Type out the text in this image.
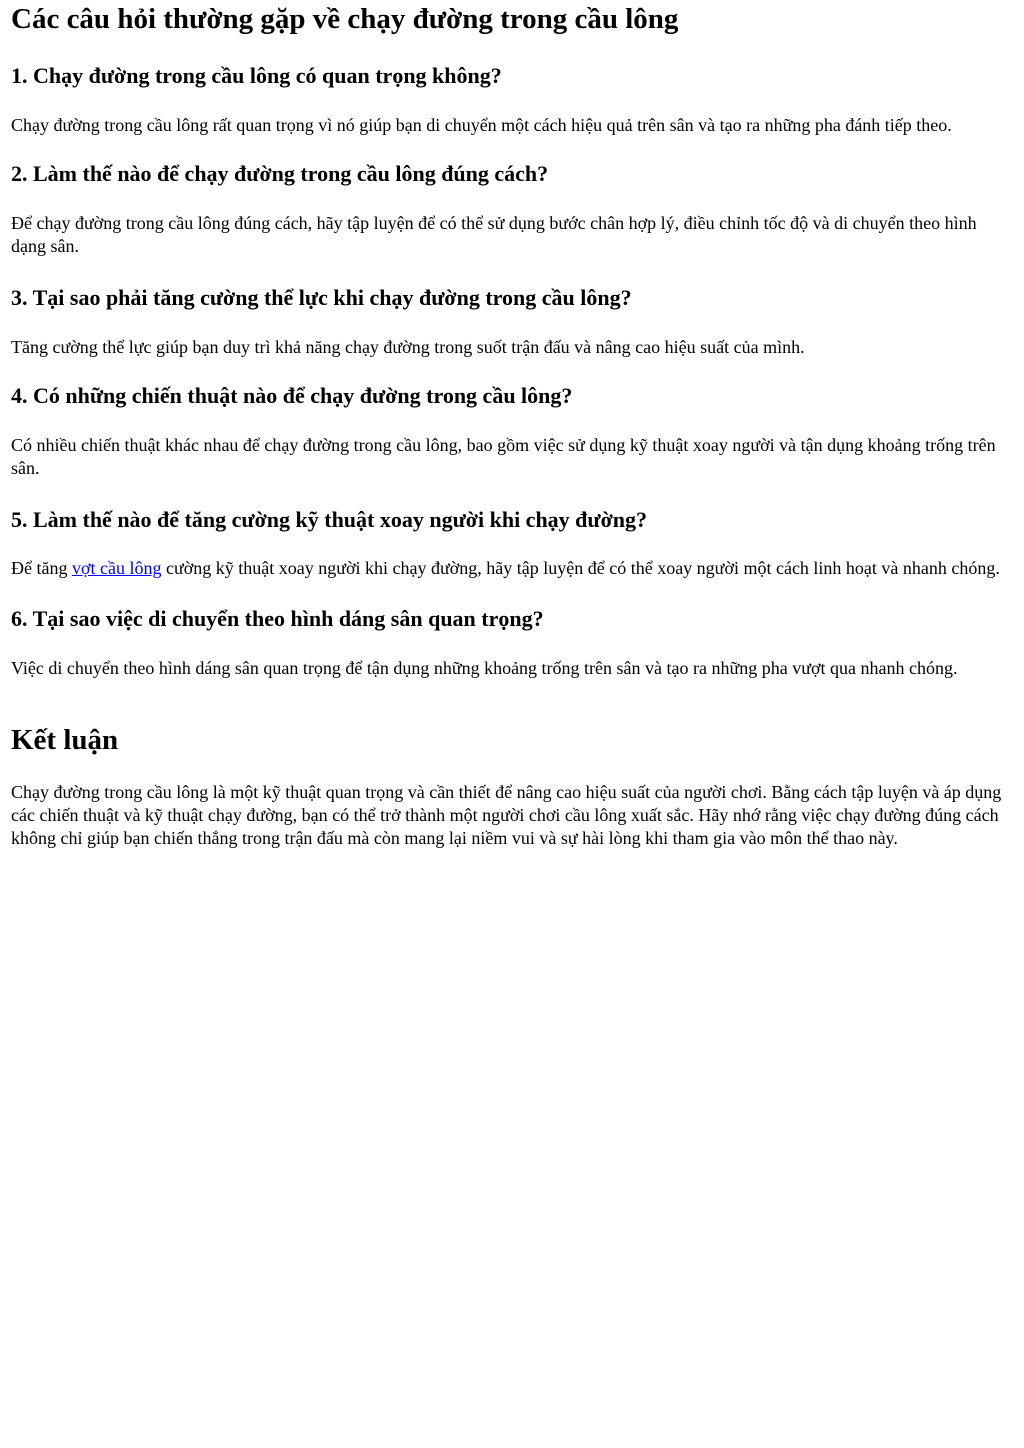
Các câu hỏi thường gặp về chạy đường trong cầu lông
1. Chạy đường trong cầu lông có quan trọng không?

Chạy đường trong cầu lông rất quan trọng vì nó giúp bạn di chuyển một cách hiệu quả trên sân và tạo ra những pha đánh tiếp theo.

2. Làm thế nào để chạy đường trong cầu lông đúng cách?

Để chạy đường trong cầu lông đúng cách, hãy tập luyện để có thể sử dụng bước chân hợp lý, điều chỉnh tốc độ và di chuyển theo hình dạng sân.

3. Tại sao phải tăng cường thể lực khi chạy đường trong cầu lông?

Tăng cường thể lực giúp bạn duy trì khả năng chạy đường trong suốt trận đấu và nâng cao hiệu suất của mình.

4. Có những chiến thuật nào để chạy đường trong cầu lông?

Có nhiều chiến thuật khác nhau để chạy đường trong cầu lông, bao gồm việc sử dụng kỹ thuật xoay người và tận dụng khoảng trống trên sân.

5. Làm thế nào để tăng cường kỹ thuật xoay người khi chạy đường?

Để tăng vợt cầu lông cường kỹ thuật xoay người khi chạy đường, hãy tập luyện để có thể xoay người một cách linh hoạt và nhanh chóng.

6. Tại sao việc di chuyển theo hình dáng sân quan trọng?

Việc di chuyển theo hình dáng sân quan trọng để tận dụng những khoảng trống trên sân và tạo ra những pha vượt qua nhanh chóng.

Kết luận

Chạy đường trong cầu lông là một kỹ thuật quan trọng và cần thiết để nâng cao hiệu suất của người chơi. Bằng cách tập luyện và áp dụng các chiến thuật và kỹ thuật chạy đường, bạn có thể trở thành một người chơi cầu lông xuất sắc. Hãy nhớ rằng việc chạy đường đúng cách không chỉ giúp bạn chiến thắng trong trận đấu mà còn mang lại niềm vui và sự hài lòng khi tham gia vào môn thể thao này.
